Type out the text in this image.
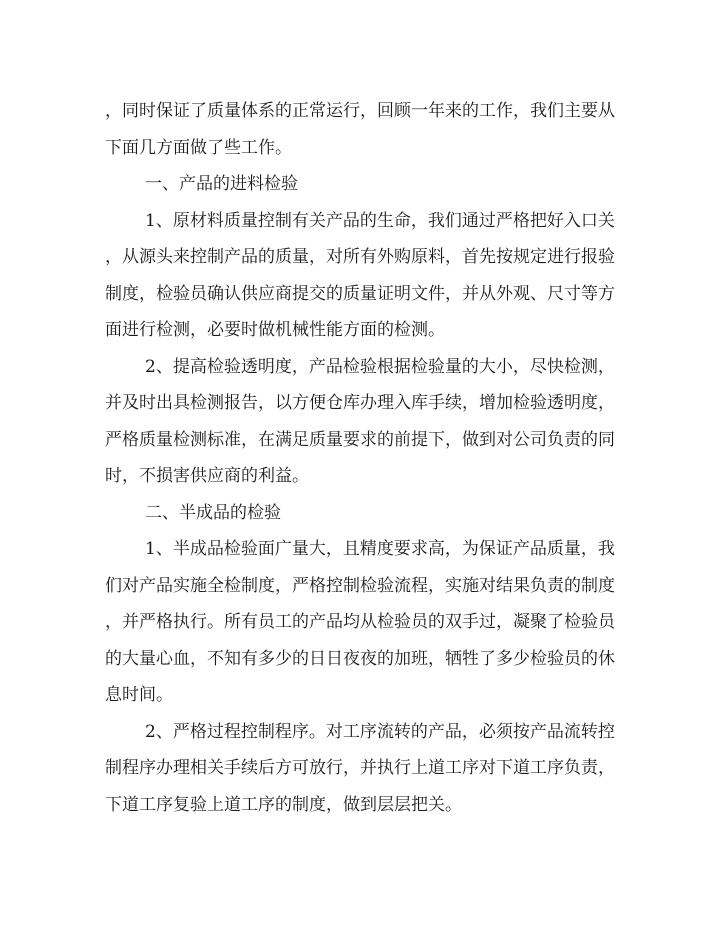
，同时保证了质量体系的正常运行，回顾一年来的工作，我们主要从
下面几方面做了些工作。
一、产品的进料检验
1、原材料质量控制有关产品的生命，我们通过严格把好入口关
，从源头来控制产品的质量，对所有外购原料，首先按规定进行报验
制度，检验员确认供应商提交的质量证明文件，并从外观、尺寸等方
面进行检测，必要时做机械性能方面的检测。
2、提高检验透明度，产品检验根据检验量的大小，尽快检测，
并及时出具检测报告，以方便仓库办理入库手续，增加检验透明度，
严格质量检测标准，在满足质量要求的前提下，做到对公司负责的同
时，不损害供应商的利益。
二、半成品的检验
1、半成品检验面广量大，且精度要求高，为保证产品质量，我
们对产品实施全检制度，严格控制检验流程，实施对结果负责的制度
，并严格执行。所有员工的产品均从检验员的双手过，凝聚了检验员
的大量心血，不知有多少的日日夜夜的加班，牺牲了多少检验员的休
息时间。
2、严格过程控制程序。对工序流转的产品，必须按产品流转控
制程序办理相关手续后方可放行，并执行上道工序对下道工序负责，
下道工序复验上道工序的制度，做到层层把关。
